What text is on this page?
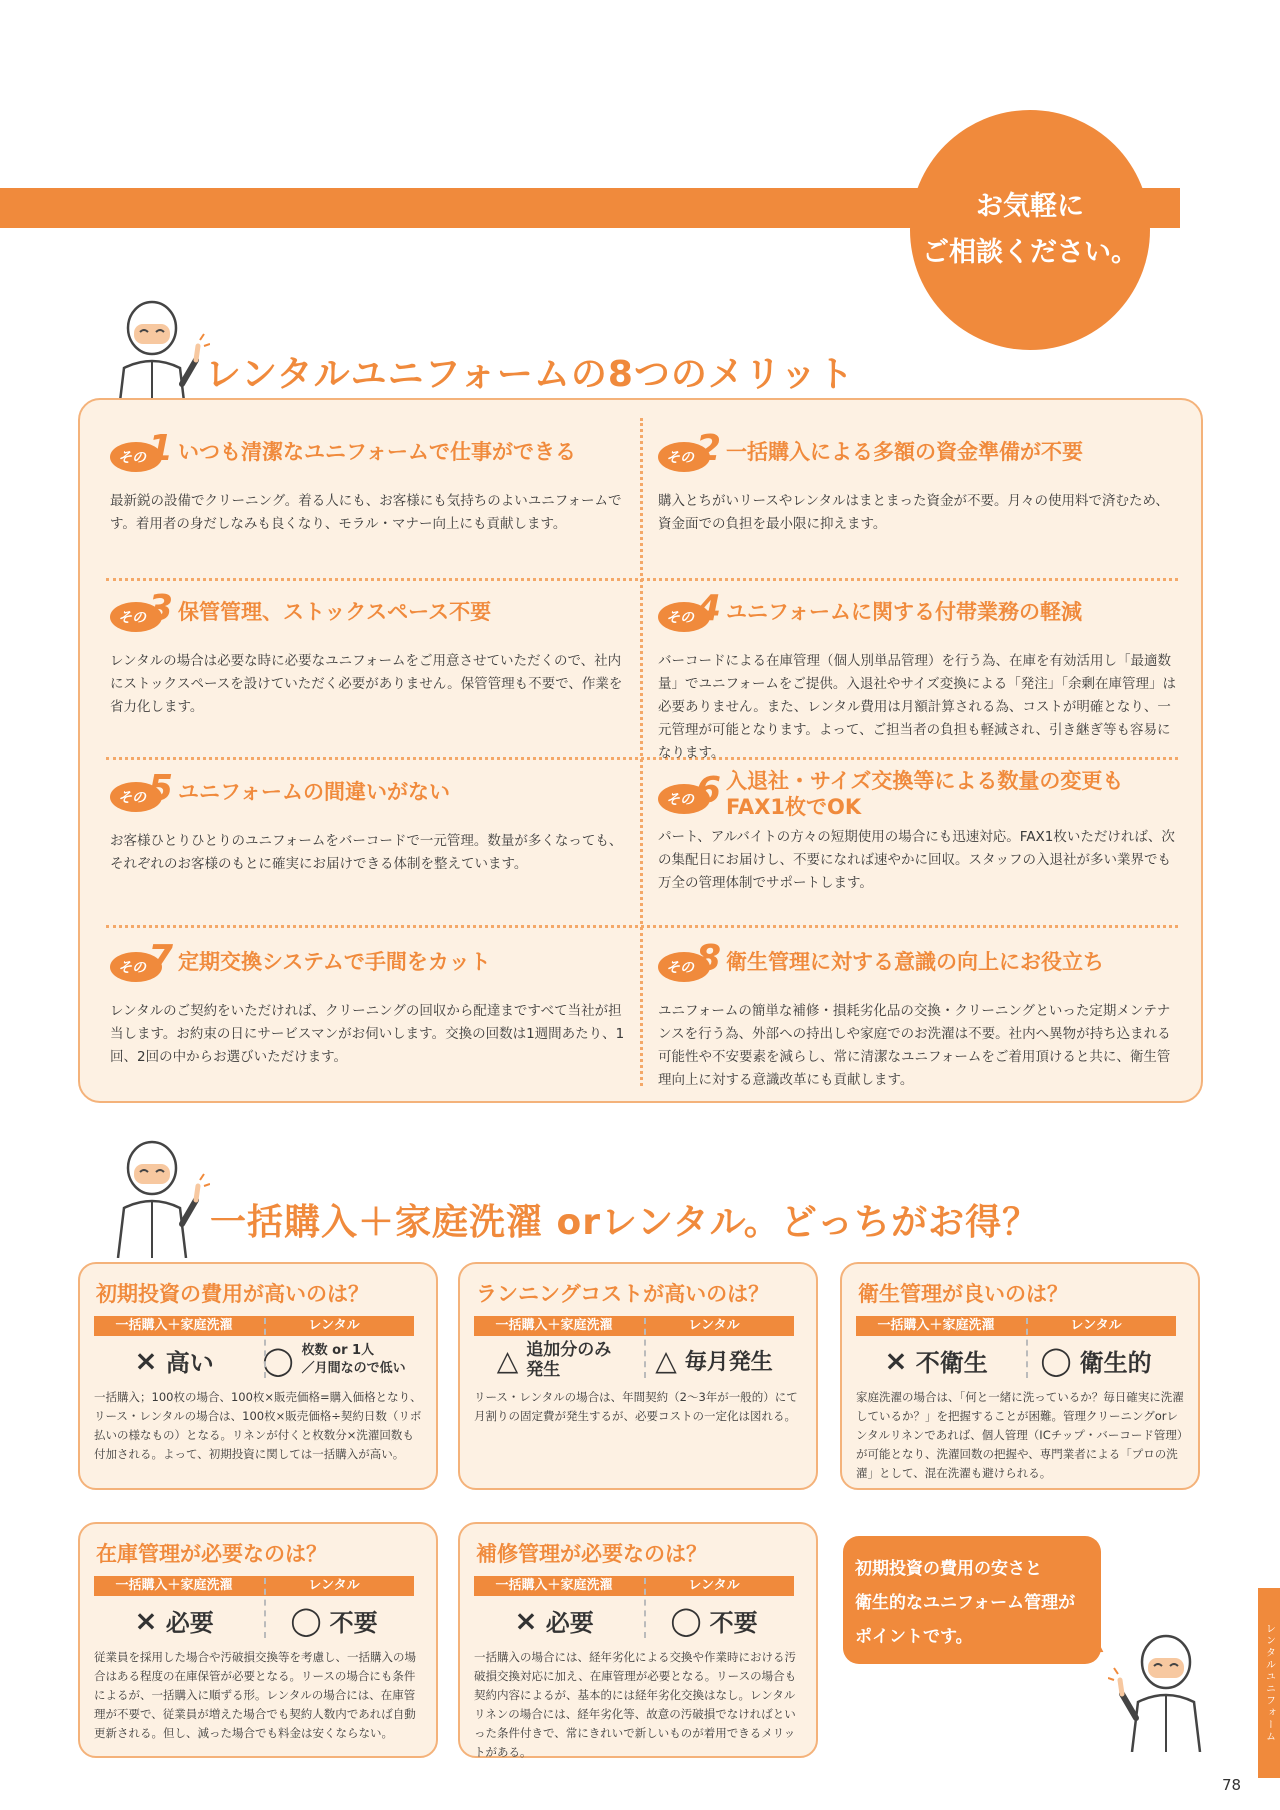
お気軽に
ご相談ください。
レンタルユニフォームの8つのメリット
その 1 いつも清潔なユニフォームで仕事ができる
最新鋭の設備でクリーニング。着る人にも、お客様にも気持ちのよいユニフォームです。着用者の身だしなみも良くなり、モラル・マナー向上にも貢献します。
その 2 一括購入による多額の資金準備が不要
購入とちがいリースやレンタルはまとまった資金が不要。月々の使用料で済むため、資金面での負担を最小限に抑えます。
その 3 保管管理、ストックスペース不要
レンタルの場合は必要な時に必要なユニフォームをご用意させていただくので、社内にストックスペースを設けていただく必要がありません。保管管理も不要で、作業を省力化します。
その 4 ユニフォームに関する付帯業務の軽減
バーコードによる在庫管理（個人別単品管理）を行う為、在庫を有効活用し「最適数量」でユニフォームをご提供。入退社やサイズ変換による「発注」「余剰在庫管理」は必要ありません。また、レンタル費用は月額計算される為、コストが明確となり、一元管理が可能となります。よって、ご担当者の負担も軽減され、引き継ぎ等も容易になります。
その 5 ユニフォームの間違いがない
お客様ひとりひとりのユニフォームをバーコードで一元管理。数量が多くなっても、それぞれのお客様のもとに確実にお届けできる体制を整えています。
その 6 入退社・サイズ交換等による数量の変更もFAX1枚でOK
パート、アルバイトの方々の短期使用の場合にも迅速対応。FAX1枚いただければ、次の集配日にお届けし、不要になれば速やかに回収。スタッフの入退社が多い業界でも万全の管理体制でサポートします。
その 7 定期交換システムで手間をカット
レンタルのご契約をいただければ、クリーニングの回収から配達まですべて当社が担当します。お約束の日にサービスマンがお伺いします。交換の回数は1週間あたり、1回、2回の中からお選びいただけます。
その 8 衛生管理に対する意識の向上にお役立ち
ユニフォームの簡単な補修・損耗劣化品の交換・クリーニングといった定期メンテナンスを行う為、外部への持出しや家庭でのお洗濯は不要。社内へ異物が持ち込まれる可能性や不安要素を減らし、常に清潔なユニフォームをご着用頂けると共に、衛生管理向上に対する意識改革にも貢献します。
一括購入＋家庭洗濯 orレンタル。どっちがお得？
初期投資の費用が高いのは？
一括購入＋家庭洗濯
× 高い
レンタル
◯ 枚数 or 1人
／月間なので低い
一括購入；100枚の場合、100枚×販売価格=購入価格となり、リース・レンタルの場合は、100枚×販売価格÷契約日数（リボ払いの様なもの）となる。リネンが付くと枚数分×洗濯回数も付加される。よって、初期投資に関しては一括購入が高い。
ランニングコストが高いのは？
一括購入＋家庭洗濯
△ 追加分のみ
発生
レンタル
△ 毎月発生
リース・レンタルの場合は、年間契約（2〜3年が一般的）にて月割りの固定費が発生するが、必要コストの一定化は図れる。
衛生管理が良いのは？
一括購入＋家庭洗濯
× 不衛生
レンタル
◯ 衛生的
家庭洗濯の場合は、「何と一緒に洗っているか？毎日確実に洗濯しているか？」を把握することが困難。管理クリーニングorレンタルリネンであれば、個人管理（ICチップ・バーコード管理）が可能となり、洗濯回数の把握や、専門業者による「プロの洗濯」として、混在洗濯も避けられる。
在庫管理が必要なのは？
一括購入＋家庭洗濯
× 必要
レンタル
◯ 不要
従業員を採用した場合や汚破損交換等を考慮し、一括購入の場合はある程度の在庫保管が必要となる。リースの場合にも条件によるが、一括購入に順ずる形。レンタルの場合には、在庫管理が不要で、従業員が増えた場合でも契約人数内であれば自動更新される。但し、減った場合でも料金は安くならない。
補修管理が必要なのは？
一括購入＋家庭洗濯
× 必要
レンタル
◯ 不要
一括購入の場合には、経年劣化による交換や作業時における汚破損交換対応に加え、在庫管理が必要となる。リースの場合も契約内容によるが、基本的には経年劣化交換はなし。レンタルリネンの場合には、経年劣化等、故意の汚破損でなければといった条件付きで、常にきれいで新しいものが着用できるメリットがある。
初期投資の費用の安さと
衛生的なユニフォーム管理が
ポイントです。	レンタルユニフォーム
78
